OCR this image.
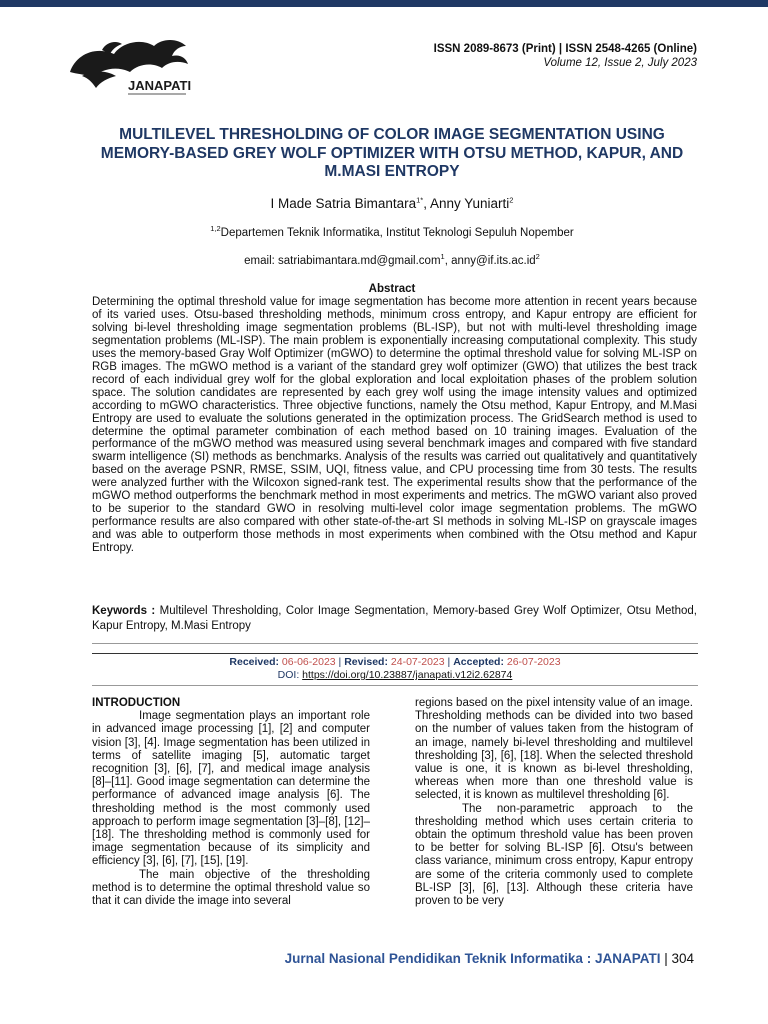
JANAPATI
ISSN 2089-8673 (Print) | ISSN 2548-4265 (Online)
Volume 12, Issue 2, July 2023
MULTILEVEL THRESHOLDING OF COLOR IMAGE SEGMENTATION USING MEMORY-BASED GREY WOLF OPTIMIZER WITH OTSU METHOD, KAPUR, AND M.MASI ENTROPY
I Made Satria Bimantara$^{1*}$, Anny Yuniarti$^2$
$^{1,2}$Departemen Teknik Informatika, Institut Teknologi Sepuluh Nopember
email: satriabimantara.md@gmail.com$^1$, $anny@if.its.ac.id^2$
Abstract
Determining the optimal threshold value for image segmentation has become more attention in recent years because of its varied uses. Otsu-based thresholding methods, minimum cross entropy, and Kapur entropy are efficient for solving bi-level thresholding image segmentation problems (BL-ISP), but not with multi-level thresholding image segmentation problems (ML-ISP). The main problem is exponentially increasing computational complexity. This study uses the memory-based Gray Wolf Optimizer (mGWO) to determine the optimal threshold value for solving ML-ISP on RGB images. The mGWO method is a variant of the standard grey wolf optimizer (GWO) that utilizes the best track record of each individual grey wolf for the global exploration and local exploitation phases of the problem solution space. The solution candidates are represented by each grey wolf using the image intensity values and optimized according to mGWO characteristics. Three objective functions, namely the Otsu method, Kapur Entropy, and M.Masi Entropy are used to evaluate the solutions generated in the optimization process. The GridSearch method is used to determine the optimal parameter combination of each method based on 10 training images. Evaluation of the performance of the mGWO method was measured using several benchmark images and compared with five standard swarm intelligence (SI) methods as benchmarks. Analysis of the results was carried out qualitatively and quantitatively based on the average PSNR, RMSE, SSIM, UQI, fitness value, and CPU processing time from 30 tests. The results were analyzed further with the Wilcoxon signed-rank test. The experimental results show that the performance of the mGWO method outperforms the benchmark method in most experiments and metrics. The mGWO variant also proved to be superior to the standard GWO in resolving multi-level color image segmentation problems. The mGWO performance results are also compared with other state-of-the-art SI methods in solving ML-ISP on grayscale images and was able to outperform those methods in most experiments when combined with the Otsu method and Kapur Entropy.
Keywords : Multilevel Thresholding, Color Image Segmentation, Memory-based Grey Wolf Optimizer, Otsu Method, Kapur Entropy, M.Masi Entropy
Received: 06-06-2023 | Revised: 24-07-2023 | Accepted: 26-07-2023
DOI: https://doi.org/10.23887/janapati.v12i2.62874
INTRODUCTION

Image segmentation plays an important role in advanced image processing [1], [2] and computer vision [3], [4]. Image segmentation has been utilized in terms of satellite imaging [5], automatic target recognition [3], [6], [7], and medical image analysis [8]–[11]. Good image segmentation can determine the performance of advanced image analysis [6]. The thresholding method is the most commonly used approach to perform image segmentation [3]–[8], [12]–[18]. The thresholding method is commonly used for image segmentation because of its simplicity and efficiency [3], [6], [7], [15], [19].

The main objective of the thresholding method is to determine the optimal threshold value so that it can divide the image into several

regions based on the pixel intensity value of an image. Thresholding methods can be divided into two based on the number of values taken from the histogram of an image, namely bi-level thresholding and multilevel thresholding [3], [6], [18]. When the selected threshold value is one, it is known as bi-level thresholding, whereas when more than one threshold value is selected, it is known as multilevel thresholding [6].

The non-parametric approach to the thresholding method which uses certain criteria to obtain the optimum threshold value has been proven to be better for solving BL-ISP [6]. Otsu's between class variance, minimum cross entropy, Kapur entropy are some of the criteria commonly used to complete BL-ISP [3], [6], [13]. Although these criteria have proven to be very

Jurnal Nasional Pendidikan Teknik Informatika : JANAPATI | 304
